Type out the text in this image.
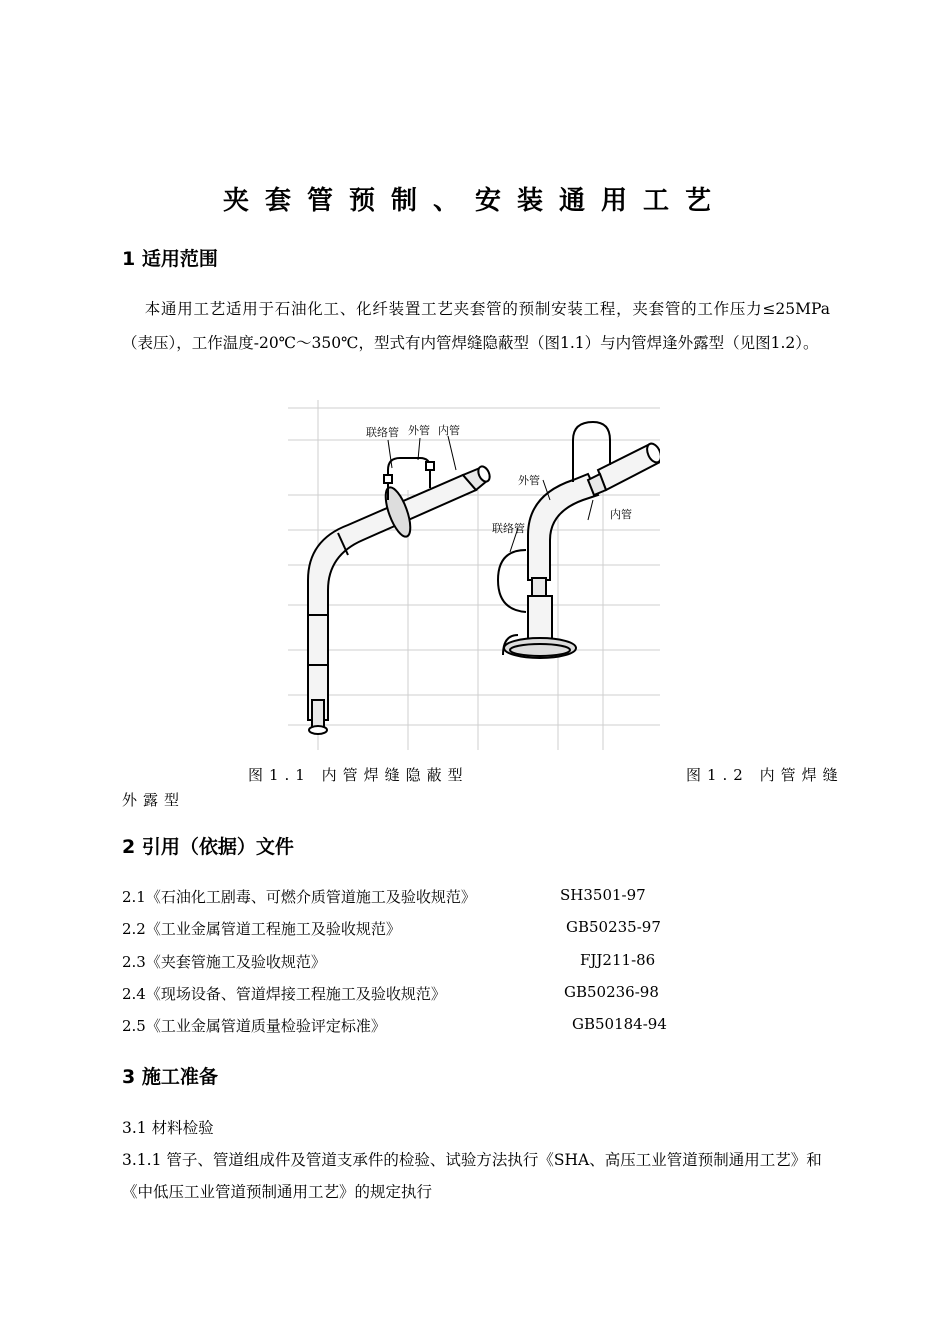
夹套管预制、安装通用工艺
1 适用范围
本通用工艺适用于石油化工、化纤装置工艺夹套管的预制安装工程，夹套管的工作压力≤25MPa（表压），工作温度-20℃～350℃，型式有内管焊缝隐蔽型（图1.1）与内管焊逢外露型（见图1.2）。
联络管 外管 内管
外管
联络管
内管
图1.1 内管焊缝隐蔽型	图1.2 内管焊缝
外露型
2 引用（依据）文件
2.1《石油化工剧毒、可燃介质管道施工及验收规范》	SH3501-97
2.2《工业金属管道工程施工及验收规范》	GB50235-97
2.3《夹套管施工及验收规范》	FJJ211-86
2.4《现场设备、管道焊接工程施工及验收规范》	GB50236-98
2.5《工业金属管道质量检验评定标准》	GB50184-94
3 施工准备
3.1 材料检验
3.1.1 管子、管道组成件及管道支承件的检验、试验方法执行《SHA、高压工业管道预制通用工艺》和《中低压工业管道预制通用工艺》的规定执行
